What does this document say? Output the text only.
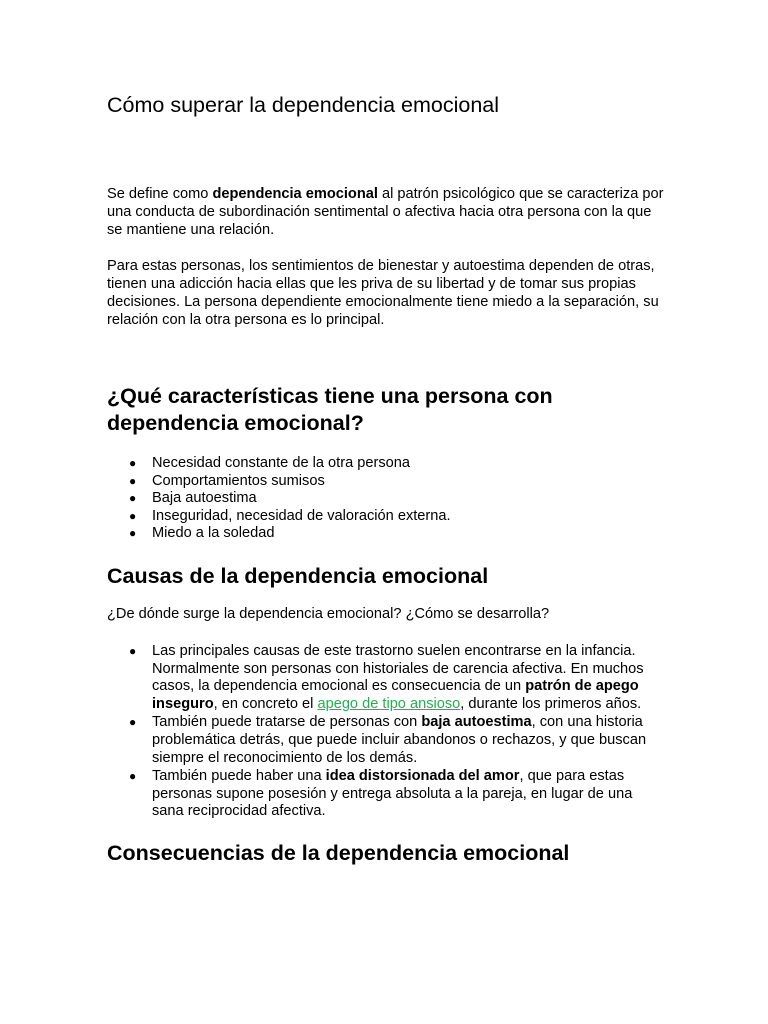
Cómo superar la dependencia emocional

Se define como dependencia emocional al patrón psicológico que se caracteriza por una conducta de subordinación sentimental o afectiva hacia otra persona con la que se mantiene una relación.

Para estas personas, los sentimientos de bienestar y autoestima dependen de otras, tienen una adicción hacia ellas que les priva de su libertad y de tomar sus propias decisiones. La persona dependiente emocionalmente tiene miedo a la separación, su relación con la otra persona es lo principal.

¿Qué características tiene una persona con dependencia emocional?
● Necesidad constante de la otra persona
● Comportamientos sumisos
● Baja autoestima
● Inseguridad, necesidad de valoración externa.
● Miedo a la soledad
Causas de la dependencia emocional

¿De dónde surge la dependencia emocional? ¿Cómo se desarrolla?

● Las principales causas de este trastorno suelen encontrarse en la infancia. Normalmente son personas con historiales de carencia afectiva. En muchos casos, la dependencia emocional es consecuencia de un patrón de apego inseguro, en concreto el apego de tipo ansioso, durante los primeros años.
● También puede tratarse de personas con baja autoestima, con una historia problemática detrás, que puede incluir abandonos o rechazos, y que buscan siempre el reconocimiento de los demás.
● También puede haber una idea distorsionada del amor, que para estas personas supone posesión y entrega absoluta a la pareja, en lugar de una sana reciprocidad afectiva.
Consecuencias de la dependencia emocional
